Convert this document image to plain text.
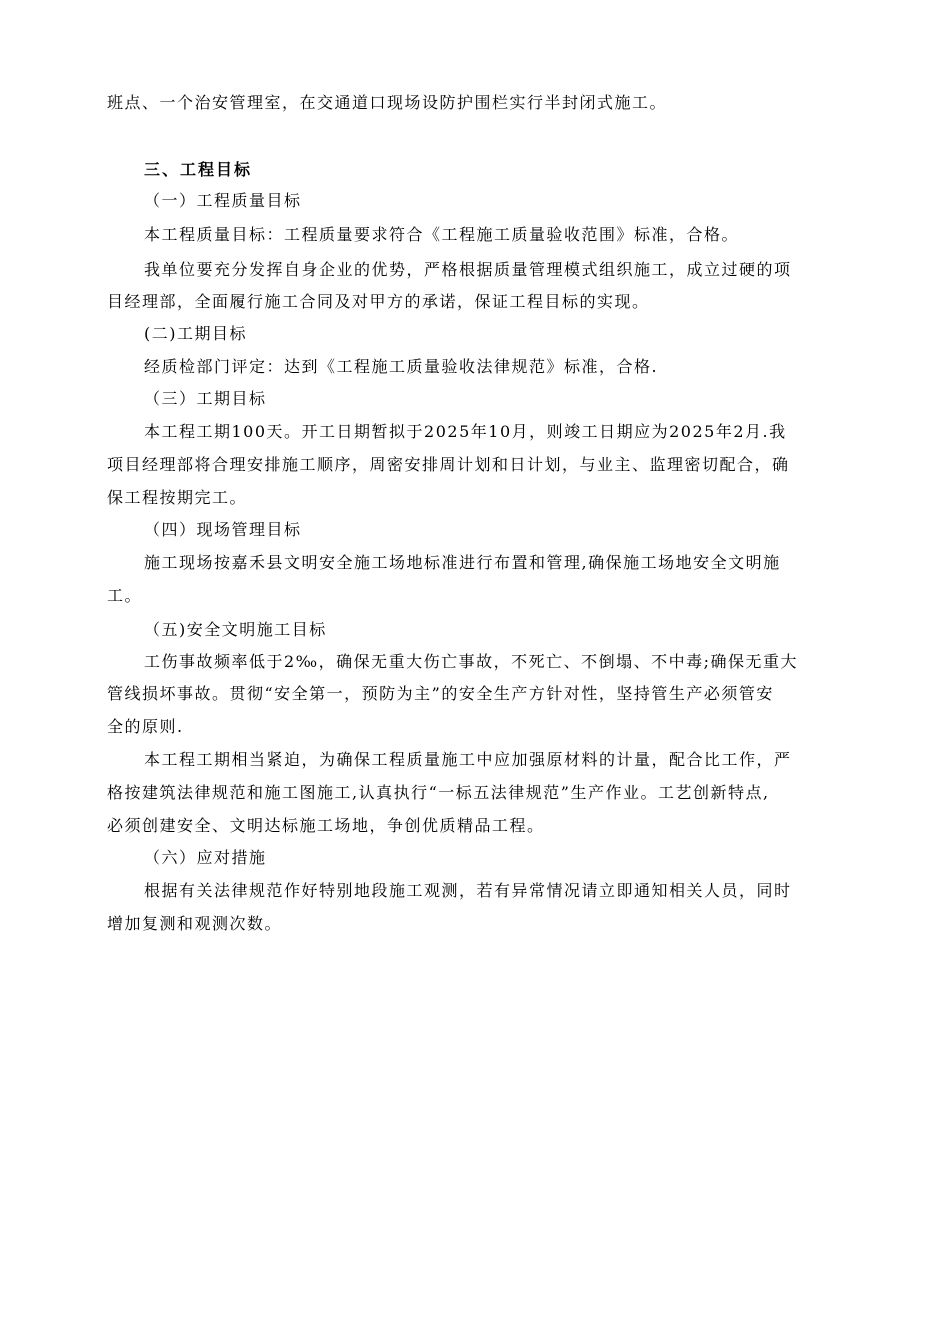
班点、一个治安管理室，在交通道口现场设防护围栏实行半封闭式施工。
三、工程目标
（一）工程质量目标
本工程质量目标：工程质量要求符合《工程施工质量验收范围》标准，合格。
我单位要充分发挥自身企业的优势，严格根据质量管理模式组织施工，成立过硬的项
目经理部，全面履行施工合同及对甲方的承诺，保证工程目标的实现。
(二)工期目标
经质检部门评定：达到《工程施工质量验收法律规范》标准，合格.
（三）工期目标
本工程工期100天。开工日期暂拟于2025年10月，则竣工日期应为2025年2月.我
项目经理部将合理安排施工顺序，周密安排周计划和日计划，与业主、监理密切配合，确
保工程按期完工。
（四）现场管理目标
施工现场按嘉禾县文明安全施工场地标准进行布置和管理,确保施工场地安全文明施
工。
（五)安全文明施工目标
工伤事故频率低于2‰，确保无重大伤亡事故，不死亡、不倒塌、不中毒;确保无重大
管线损坏事故。贯彻“安全第一，预防为主”的安全生产方针对性，坚持管生产必须管安
全的原则.
本工程工期相当紧迫，为确保工程质量施工中应加强原材料的计量，配合比工作，严
格按建筑法律规范和施工图施工,认真执行“一标五法律规范”生产作业。工艺创新特点,
必须创建安全、文明达标施工场地，争创优质精品工程。
（六）应对措施
根据有关法律规范作好特别地段施工观测，若有异常情况请立即通知相关人员，同时
增加复测和观测次数。
